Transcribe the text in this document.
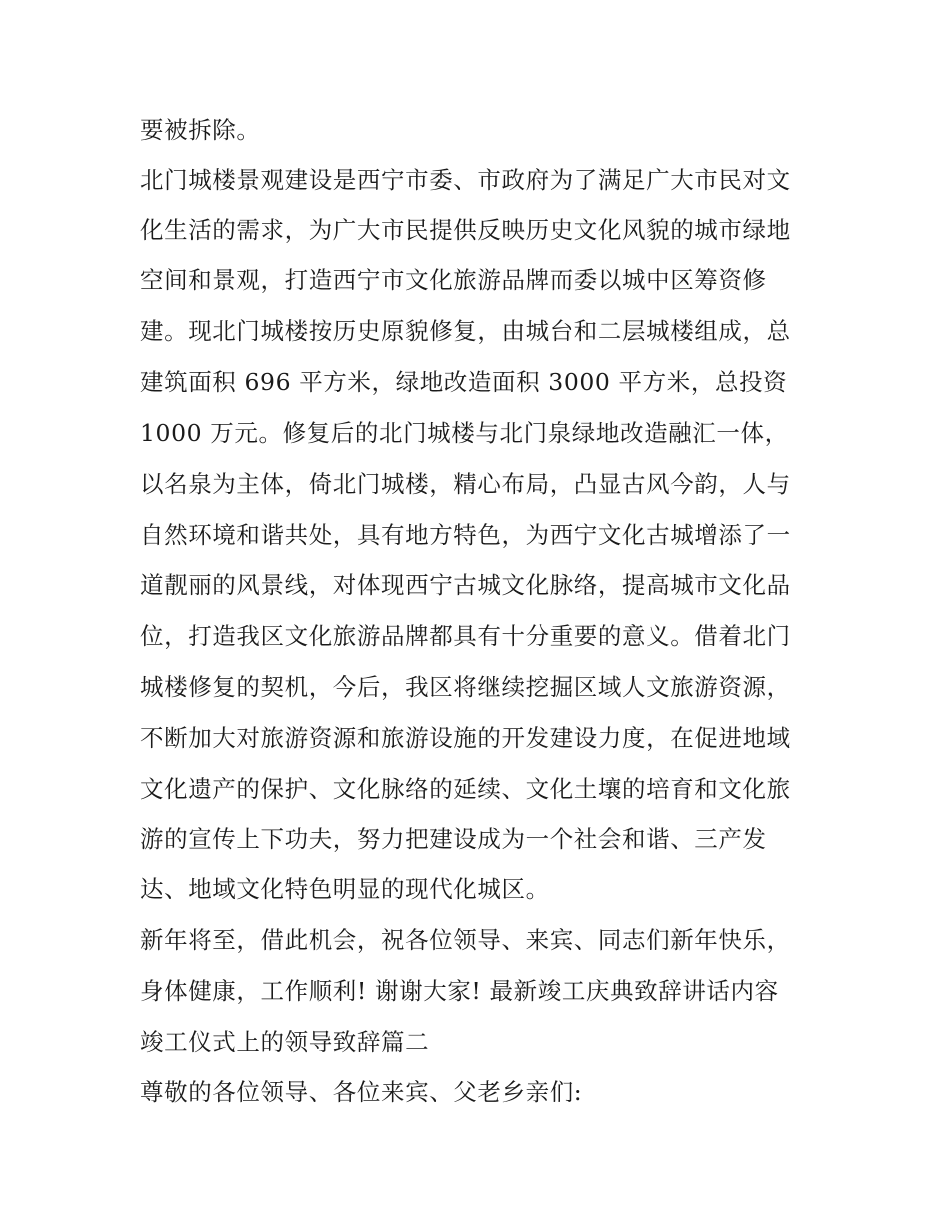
要被拆除。
北门城楼景观建设是西宁市委、市政府为了满足广大市民对文
化生活的需求，为广大市民提供反映历史文化风貌的城市绿地
空间和景观，打造西宁市文化旅游品牌而委以城中区筹资修
建。现北门城楼按历史原貌修复，由城台和二层城楼组成，总
建筑面积 696 平方米，绿地改造面积 3000 平方米，总投资
1000 万元。修复后的北门城楼与北门泉绿地改造融汇一体，
以名泉为主体，倚北门城楼，精心布局，凸显古风今韵，人与
自然环境和谐共处，具有地方特色，为西宁文化古城增添了一
道靓丽的风景线，对体现西宁古城文化脉络，提高城市文化品
位，打造我区文化旅游品牌都具有十分重要的意义。借着北门
城楼修复的契机，今后，我区将继续挖掘区域人文旅游资源，
不断加大对旅游资源和旅游设施的开发建设力度，在促进地域
文化遗产的保护、文化脉络的延续、文化土壤的培育和文化旅
游的宣传上下功夫，努力把建设成为一个社会和谐、三产发
达、地域文化特色明显的现代化城区。
新年将至，借此机会，祝各位领导、来宾、同志们新年快乐，
身体健康，工作顺利! 谢谢大家! 最新竣工庆典致辞讲话内容
竣工仪式上的领导致辞篇二
尊敬的各位领导、各位来宾、父老乡亲们:
